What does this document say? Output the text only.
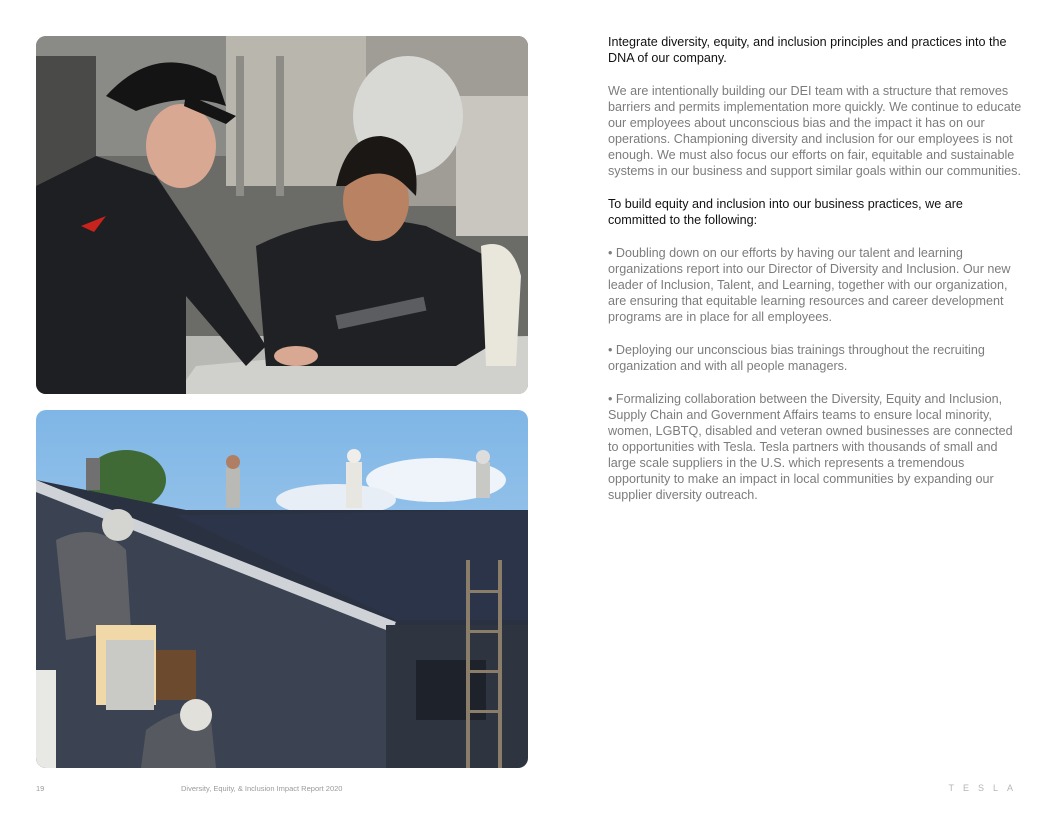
Integrate diversity, equity, and inclusion principles and practices into the DNA of our company.

We are intentionally building our DEI team with a structure that removes barriers and permits implementation more quickly. We continue to educate our employees about unconscious bias and the impact it has on our operations. Championing diversity and inclusion for our employees is not enough. We must also focus our efforts on fair, equitable and sustainable systems in our business and support similar goals within our communities.

To build equity and inclusion into our business practices, we are committed to the following:

• Doubling down on our efforts by having our talent and learning organizations report into our Director of Diversity and Inclusion. Our new leader of Inclusion, Talent, and Learning, together with our organization, are ensuring that equitable learning resources and career development programs are in place for all employees.

• Deploying our unconscious bias trainings throughout the recruiting organization and with all people managers.

• Formalizing collaboration between the Diversity, Equity and Inclusion, Supply Chain and Government Affairs teams to ensure local minority, women, LGBTQ, disabled and veteran owned businesses are connected to opportunities with Tesla. Tesla partners with thousands of small and large scale suppliers in the U.S. which represents a tremendous opportunity to make an impact in local communities by expanding our supplier diversity outreach.

19	Diversity, Equity, & Inclusion Impact Report 2020	TESLA
